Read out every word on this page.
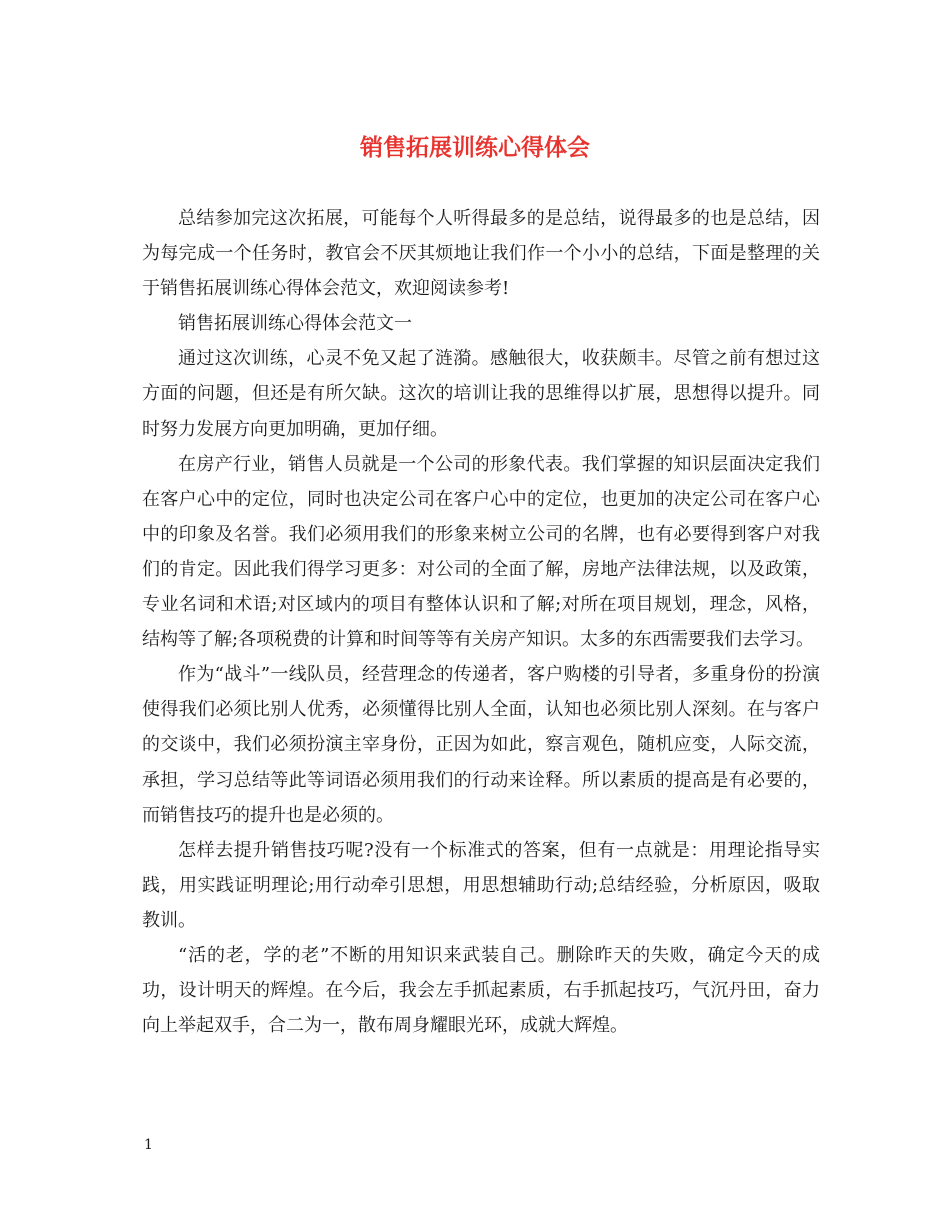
销售拓展训练心得体会

总结参加完这次拓展，可能每个人听得最多的是总结，说得最多的也是总结，因为每完成一个任务时，教官会不厌其烦地让我们作一个小小的总结，下面是整理的关于销售拓展训练心得体会范文，欢迎阅读参考!

销售拓展训练心得体会范文一

通过这次训练，心灵不免又起了涟漪。感触很大，收获颇丰。尽管之前有想过这方面的问题，但还是有所欠缺。这次的培训让我的思维得以扩展，思想得以提升。同时努力发展方向更加明确，更加仔细。

在房产行业，销售人员就是一个公司的形象代表。我们掌握的知识层面决定我们在客户心中的定位，同时也决定公司在客户心中的定位，也更加的决定公司在客户心中的印象及名誉。我们必须用我们的形象来树立公司的名牌，也有必要得到客户对我们的肯定。因此我们得学习更多：对公司的全面了解，房地产法律法规，以及政策，专业名词和术语;对区域内的项目有整体认识和了解;对所在项目规划，理念，风格，结构等了解;各项税费的计算和时间等等有关房产知识。太多的东西需要我们去学习。

作为“战斗”一线队员，经营理念的传递者，客户购楼的引导者，多重身份的扮演使得我们必须比别人优秀，必须懂得比别人全面，认知也必须比别人深刻。在与客户的交谈中，我们必须扮演主宰身份，正因为如此，察言观色，随机应变，人际交流，承担，学习总结等此等词语必须用我们的行动来诠释。所以素质的提高是有必要的，而销售技巧的提升也是必须的。

怎样去提升销售技巧呢?没有一个标准式的答案，但有一点就是：用理论指导实践，用实践证明理论;用行动牵引思想，用思想辅助行动;总结经验，分析原因，吸取教训。

“活的老，学的老”不断的用知识来武装自己。删除昨天的失败，确定今天的成功，设计明天的辉煌。在今后，我会左手抓起素质，右手抓起技巧，气沉丹田，奋力向上举起双手，合二为一，散布周身耀眼光环，成就大辉煌。

1
